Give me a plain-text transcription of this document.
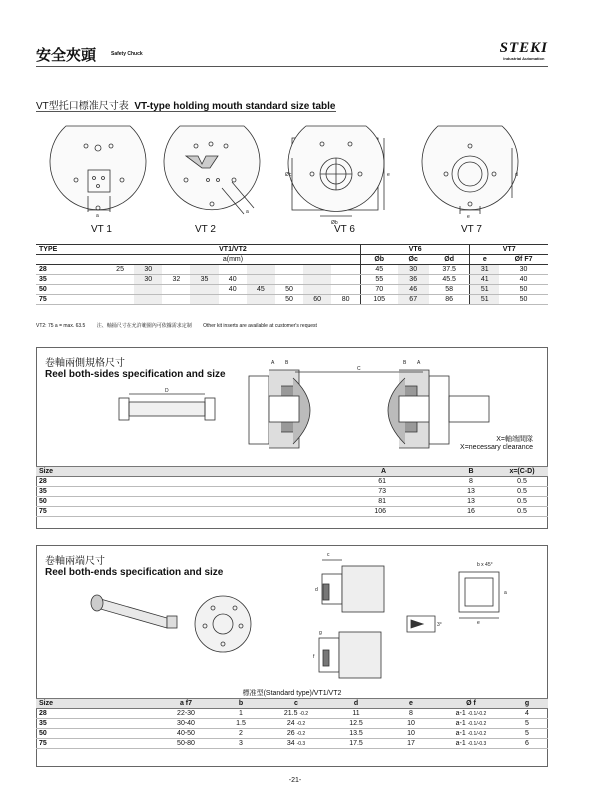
安全夾頭	Safety Chuck	STEKI
Industrial Automation
VT型托口標准尺寸表 VT-type holding mouth standard size table
a
a
Øc	e
Øb
e
d
VT 1	VT 2	VT 6	VT 7
TYPE	VT1/VT2									VT6			VT7	
	a(mm)									Øb	Øc	Ød	e	Øf F7
28	25	30								45	30	37.5	31	30
35		30	32	35	40					55	36	45.5	41	40
50					40	45	50			70	46	58	51	50
75							50	60	80	105	67	86	51	50
VT2: 75 a = max. 63.5 注、軸捅尺寸在允許範圍內可依據需求定制 Other kit inserts are available at customer's request
卷軸兩側規格尺寸
Reel both-sides specification and size
D
A B
C
B A
X=軸端間隊
X=necessary clearance
Size	A	B	x=(C-D)
28	61	8	0.5
35	73	13	0.5
50	81	13	0.5
75	106	16	0.5
卷軸兩端尺寸
Reel both-ends specification and size
c
d
b x 45°
a
e
g
f
3°
標准型(Standard type)/VT1/VT2
Size	a f7	b	c	d	e	Ø f	g
28	22-30	1	21.5 -0.2	11	8	a-1 -0.1/-0.2	4
35	30-40	1.5	24 -0.2	12.5	10	a-1 -0.1/-0.2	5
50	40-50	2	26 -0.2	13.5	10	a-1 -0.1/-0.2	5
75	50-80	3	34 -0.3	17.5	17	a-1 -0.1/-0.3	6
-21-
